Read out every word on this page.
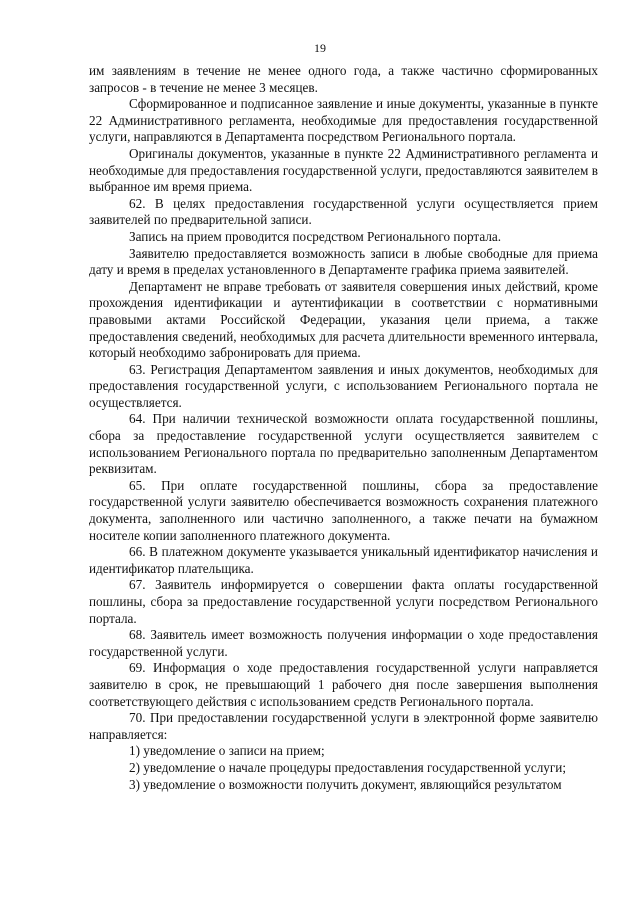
19

им заявлениям в течение не менее одного года, а также частично сформированных запросов - в течение не менее 3 месяцев.

Сформированное и подписанное заявление и иные документы, указанные в пункте 22 Административного регламента, необходимые для предоставления государственной услуги, направляются в Департамента посредством Регионального портала.

Оригиналы документов, указанные в пункте 22 Административного регламента и необходимые для предоставления государственной услуги, предоставляются заявителем в выбранное им время приема.

62. В целях предоставления государственной услуги осуществляется прием заявителей по предварительной записи.

Запись на прием проводится посредством Регионального портала.

Заявителю предоставляется возможность записи в любые свободные для приема дату и время в пределах установленного в Департаменте графика приема заявителей.

Департамент не вправе требовать от заявителя совершения иных действий, кроме прохождения идентификации и аутентификации в соответствии с нормативными правовыми актами Российской Федерации, указания цели приема, а также предоставления сведений, необходимых для расчета длительности временного интервала, который необходимо забронировать для приема.

63. Регистрация Департаментом заявления и иных документов, необходимых для предоставления государственной услуги, с использованием Регионального портала не осуществляется.

64. При наличии технической возможности оплата государственной пошлины, сбора за предоставление государственной услуги осуществляется заявителем с использованием Регионального портала по предварительно заполненным Департаментом реквизитам.

65. При оплате государственной пошлины, сбора за предоставление государственной услуги заявителю обеспечивается возможность сохранения платежного документа, заполненного или частично заполненного, а также печати на бумажном носителе копии заполненного платежного документа.

66. В платежном документе указывается уникальный идентификатор начисления и идентификатор плательщика.

67. Заявитель информируется о совершении факта оплаты государственной пошлины, сбора за предоставление государственной услуги посредством Регионального портала.

68. Заявитель имеет возможность получения информации о ходе предоставления государственной услуги.

69. Информация о ходе предоставления государственной услуги направляется заявителю в срок, не превышающий 1 рабочего дня после завершения выполнения соответствующего действия с использованием средств Регионального портала.

70. При предоставлении государственной услуги в электронной форме заявителю направляется:

1) уведомление о записи на прием;

2) уведомление о начале процедуры предоставления государственной услуги;

3) уведомление о возможности получить документ, являющийся результатом
